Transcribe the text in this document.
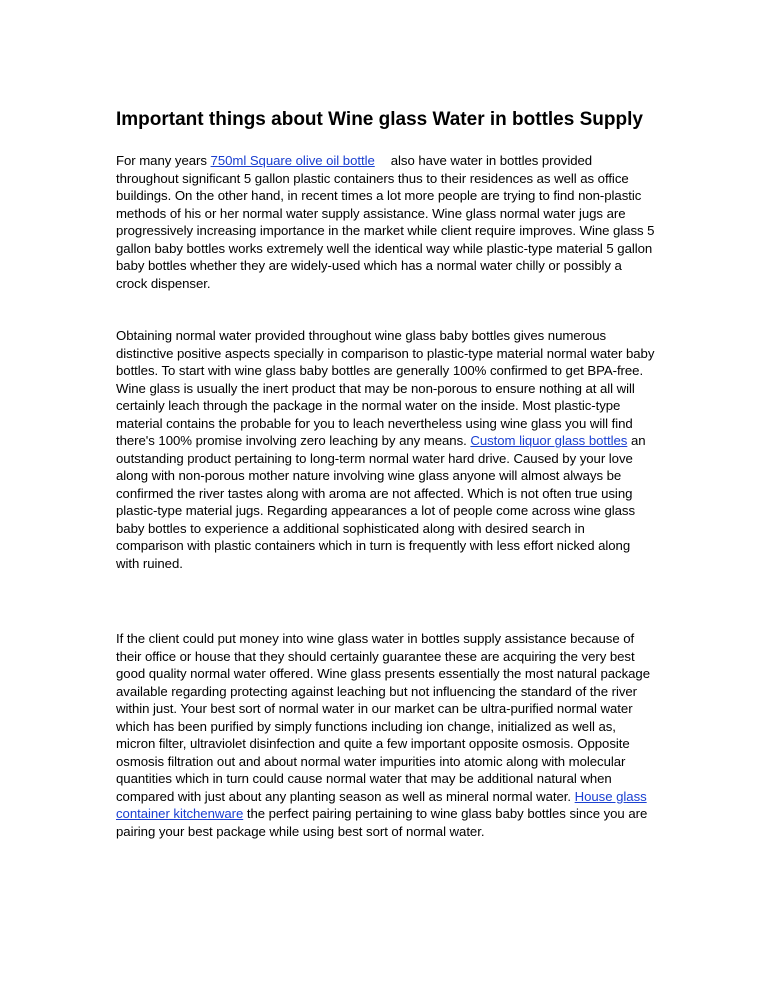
Important things about Wine glass Water in bottles Supply

For many years 750ml Square olive oil bottle also have water in bottles provided throughout significant 5 gallon plastic containers thus to their residences as well as office buildings. On the other hand, in recent times a lot more people are trying to find non-plastic methods of his or her normal water supply assistance. Wine glass normal water jugs are progressively increasing importance in the market while client require improves. Wine glass 5 gallon baby bottles works extremely well the identical way while plastic-type material 5 gallon baby bottles whether they are widely-used which has a normal water chilly or possibly a crock dispenser.

Obtaining normal water provided throughout wine glass baby bottles gives numerous distinctive positive aspects specially in comparison to plastic-type material normal water baby bottles. To start with wine glass baby bottles are generally 100% confirmed to get BPA-free. Wine glass is usually the inert product that may be non-porous to ensure nothing at all will certainly leach through the package in the normal water on the inside. Most plastic-type material contains the probable for you to leach nevertheless using wine glass you will find there's 100% promise involving zero leaching by any means. Custom liquor glass bottles an outstanding product pertaining to long-term normal water hard drive. Caused by your love along with non-porous mother nature involving wine glass anyone will almost always be confirmed the river tastes along with aroma are not affected. Which is not often true using plastic-type material jugs. Regarding appearances a lot of people come across wine glass baby bottles to experience a additional sophisticated along with desired search in comparison with plastic containers which in turn is frequently with less effort nicked along with ruined.

If the client could put money into wine glass water in bottles supply assistance because of their office or house that they should certainly guarantee these are acquiring the very best good quality normal water offered. Wine glass presents essentially the most natural package available regarding protecting against leaching but not influencing the standard of the river within just. Your best sort of normal water in our market can be ultra-purified normal water which has been purified by simply functions including ion change, initialized as well as, micron filter, ultraviolet disinfection and quite a few important opposite osmosis. Opposite osmosis filtration out and about normal water impurities into atomic along with molecular quantities which in turn could cause normal water that may be additional natural when compared with just about any planting season as well as mineral normal water. House glass container kitchenware the perfect pairing pertaining to wine glass baby bottles since you are pairing your best package while using best sort of normal water.
